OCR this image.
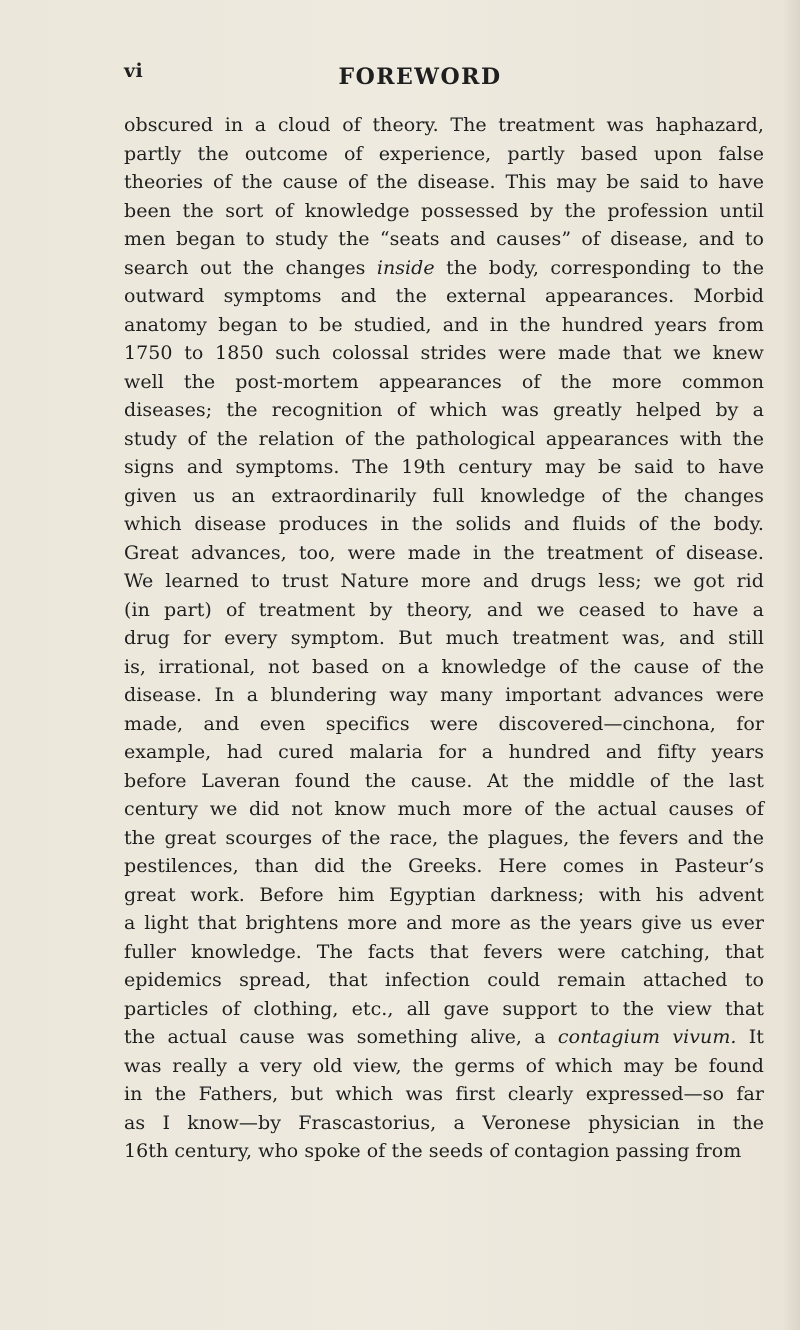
vi	FOREWORD
obscured in a cloud of theory. The treatment was haphazard,
partly the outcome of experience, partly based upon false
theories of the cause of the disease. This may be said to have
been the sort of knowledge possessed by the profession until
men began to study the “seats and causes” of disease, and to
search out the changes inside the body, corresponding to the
outward symptoms and the external appearances. Morbid
anatomy began to be studied, and in the hundred years from
1750 to 1850 such colossal strides were made that we knew
well the post-mortem appearances of the more common
diseases; the recognition of which was greatly helped by a
study of the relation of the pathological appearances with the
signs and symptoms. The 19th century may be said to have
given us an extraordinarily full knowledge of the changes
which disease produces in the solids and fluids of the body.
Great advances, too, were made in the treatment of disease.
We learned to trust Nature more and drugs less; we got rid
(in part) of treatment by theory, and we ceased to have a
drug for every symptom. But much treatment was, and still
is, irrational, not based on a knowledge of the cause of the
disease. In a blundering way many important advances were
made, and even specifics were discovered—cinchona, for
example, had cured malaria for a hundred and fifty years
before Laveran found the cause. At the middle of the last
century we did not know much more of the actual causes of
the great scourges of the race, the plagues, the fevers and the
pestilences, than did the Greeks. Here comes in Pasteur’s
great work. Before him Egyptian darkness; with his advent
a light that brightens more and more as the years give us ever
fuller knowledge. The facts that fevers were catching, that
epidemics spread, that infection could remain attached to
particles of clothing, etc., all gave support to the view that
the actual cause was something alive, a contagium vivum. It
was really a very old view, the germs of which may be found
in the Fathers, but which was first clearly expressed—so far
as I know—by Frascastorius, a Veronese physician in the
16th century, who spoke of the seeds of contagion passing from
